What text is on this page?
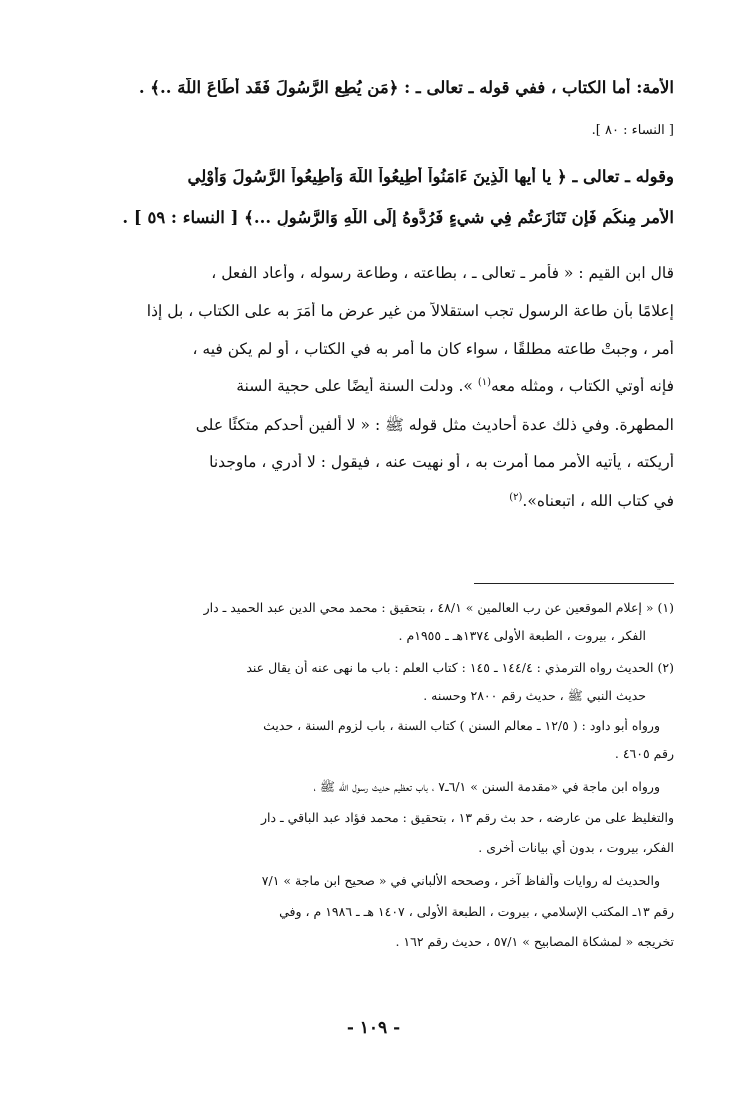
الأمة: أما الكتاب ، ففي قوله ـ تعالى ـ : ﴿مَن يُطِعِ الرَّسُولَ فَقَد أَطَاعَ اللَّهَ ..﴾ .
[ النساء : ٨٠ ].
وقوله ـ تعالى ـ ﴿ يا أيها الَّذِينَ ءَامَنُواْ أَطِيعُواْ اللَّهَ وَأَطِيعُواْ الرَّسُولَ وَأُوْلِي
الأمرِ مِنكُم فَإِن تَنَازَعتُم فِي شيءٍ فَرُدُّوهُ إِلَى اللَّهِ وَالرَّسُولِ ...﴾ [ النساء : ٥٩ ] .
قال ابن القيم : « فأمر ـ تعالى ـ ، بطاعته ، وطاعة رسوله ، وأعاد الفعل ،
إعلامًا بأن طاعة الرسول تجب استقلالاً من غير عرض ما أَمَرَ به على الكتاب ، بل إذا
أمر ، وجبتْ طاعته مطلقًا ، سواء كان ما أمر به في الكتاب ، أو لم يكن فيه ،
فإنه أوتي الكتاب ، ومثله معه$^{(١)}$ ». ودلت السنة أيضًا على حجية السنة
المطهرة. وفي ذلك عدة أحاديث مثل قوله ﷺ : « لا ألفين أحدكم متكئًا على
أريكته ، يأتيه الأمر مما أمرت به ، أو نهيت عنه ، فيقول : لا أدري ، ماوجدنا
في كتاب الله ، اتبعناه».$^{(٢)}$
(١) « إعلام الموقعين عن رب العالمين » ٤٨/١ ، بتحقيق : محمد محي الدين عبد الحميد ـ دار
الفكر ، بيروت ، الطبعة الأولى ١٣٧٤هـ ـ ١٩٥٥م .
(٢) الحديث رواه الترمذي : ١٤٤/٤ ـ ١٤٥ : كتاب العلم : باب ما نهى عنه أن يقال عند
حديث النبي ﷺ ، حديث رقم ٢٨٠٠ وحسنه .
ورواه أبو داود : ( ١٢/٥ ـ معالم السنن ) كتاب السنة ، باب لزوم السنة ، حديث
رقم ٤٦٠٥ .
ورواه ابن ماجة في «مقدمة السنن » ٦/١ـ٧ ، باب تعظيم حديث رسول الله ﷺ ،
والتغليظ على من عارضه ، حد بث رقم ١٣ ، بتحقيق : محمد فؤاد عبد الباقي ـ دار
الفكر، بيروت ، بدون أي بيانات أخرى .
والحديث له روايات وألفاظ آخر ، وصححه الألباني في « صحيح ابن ماجة » ٧/١
رقم ١٣ـ المكتب الإسلامي ، بيروت ، الطبعة الأولى ، ١٤٠٧ هـ ـ ١٩٨٦ م ، وفي
تخريجه « لمشكاة المصابيح » ٥٧/١ ، حديث رقم ١٦٢ .
- ١٠٩ -
